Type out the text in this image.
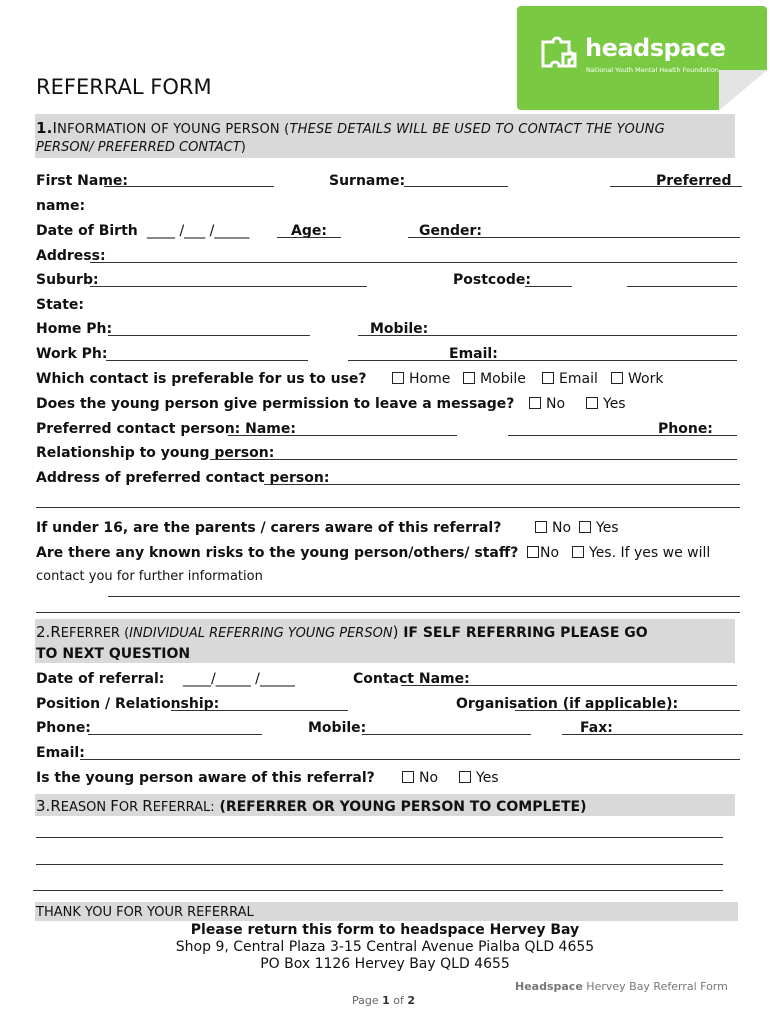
headspace
National Youth Mental Health Foundation
REFERRAL FORM
1.INFORMATION OF YOUNG PERSON (THESE DETAILS WILL BE USED TO CONTACT THE YOUNG
PERSON/ PREFERRED CONTACT)
First Name:	Surname:	Preferred
name:
Date of Birth ____ /___ /_____	Age:	Gender:
Address:
Suburb:	Postcode:
State:
Home Ph:	Mobile:
Work Ph:	Email:
Which contact is preferable for us to use?	Home	Mobile	Email	Work
Does the young person give permission to leave a message?	No	Yes
Preferred contact person: Name:	Phone:
Relationship to young person:
Address of preferred contact person:
If under 16, are the parents / carers aware of this referral?	No	Yes
Are there any known risks to the young person/others/ staff?	No	Yes. If yes we will
contact you for further information
2.REFERRER (INDIVIDUAL REFERRING YOUNG PERSON) IF SELF REFERRING PLEASE GO
TO NEXT QUESTION
Date of referral: ____/_____ /_____	Contact Name:
Position / Relationship:	Organisation (if applicable):
Phone:	Mobile:	Fax:
Email:
Is the young person aware of this referral?	No	Yes
3.REASON FOR REFERRAL: (REFERRER OR YOUNG PERSON TO COMPLETE)
THANK YOU FOR YOUR REFERRAL
Please return this form to headspace Hervey Bay
Shop 9, Central Plaza 3-15 Central Avenue Pialba QLD 4655
PO Box 1126 Hervey Bay QLD 4655
Headspace Hervey Bay Referral Form
Page 1 of 2
